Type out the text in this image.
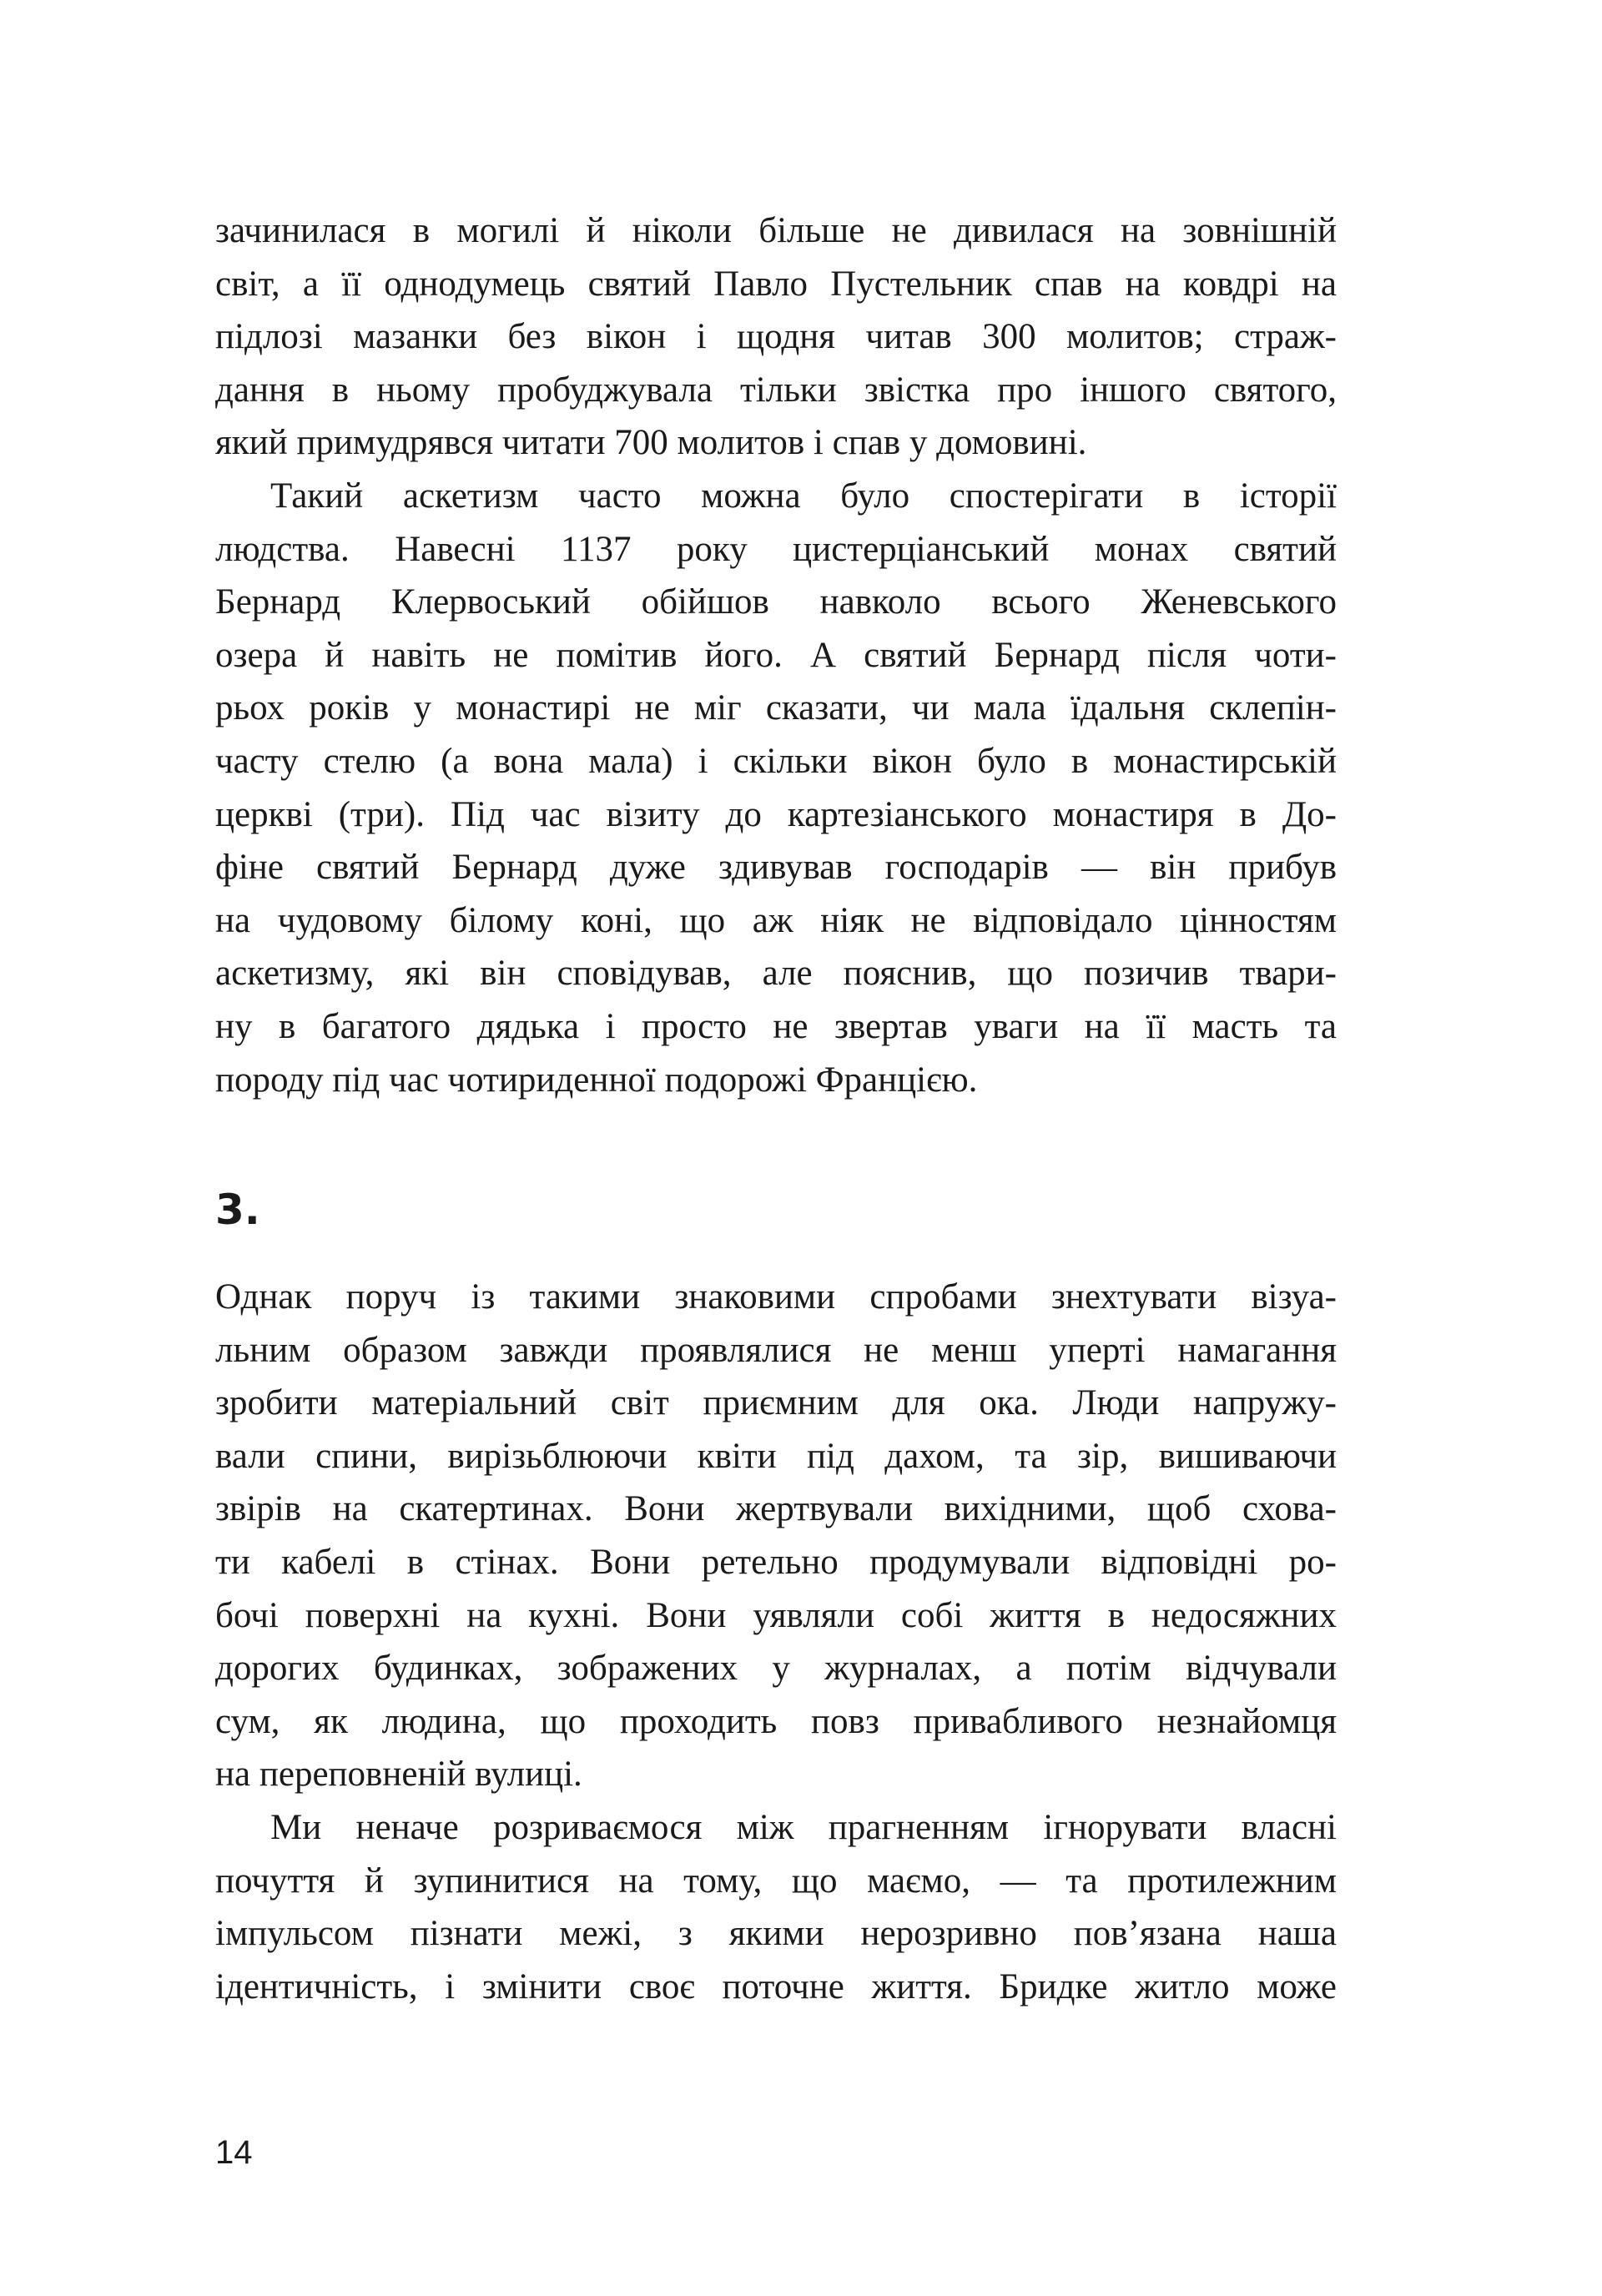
зачинилася в могилі й ніколи більше не дивилася на зовнішній
світ, а її однодумець святий Павло Пустельник спав на ковдрі на
підлозі мазанки без вікон і щодня читав 300 молитов; страж-
дання в ньому пробуджувала тільки звістка про іншого святого,
який примудрявся читати 700 молитов і спав у домовині.
Такий аскетизм часто можна було спостерігати в історії
людства. Навесні 1137 року цистерціанський монах святий
Бернард Клервоський обійшов навколо всього Женевського
озера й навіть не помітив його. А святий Бернард після чоти-
рьох років у монастирі не міг сказати, чи мала їдальня склепін-
часту стелю (а вона мала) і скільки вікон було в монастирській
церкві (три). Під час візиту до картезіанського монастиря в До-
фіне святий Бернард дуже здивував господарів — він прибув
на чудовому білому коні, що аж ніяк не відповідало цінностям
аскетизму, які він сповідував, але пояснив, що позичив твари-
ну в багатого дядька і просто не звертав уваги на її масть та
породу під час чотириденної подорожі Францією.
3.
Однак поруч із такими знаковими спробами знехтувати візуа-
льним образом завжди проявлялися не менш уперті намагання
зробити матеріальний світ приємним для ока. Люди напружу-
вали спини, вирізьблюючи квіти під дахом, та зір, вишиваючи
звірів на скатертинах. Вони жертвували вихідними, щоб схова-
ти кабелі в стінах. Вони ретельно продумували відповідні ро-
бочі поверхні на кухні. Вони уявляли собі життя в недосяжних
дорогих будинках, зображених у журналах, а потім відчували
сум, як людина, що проходить повз привабливого незнайомця
на переповненій вулиці.
Ми неначе розриваємося між прагненням ігнорувати власні
почуття й зупинитися на тому, що маємо, — та протилежним
імпульсом пізнати межі, з якими нерозривно пов’язана наша
ідентичність, і змінити своє поточне життя. Бридке житло може
14
